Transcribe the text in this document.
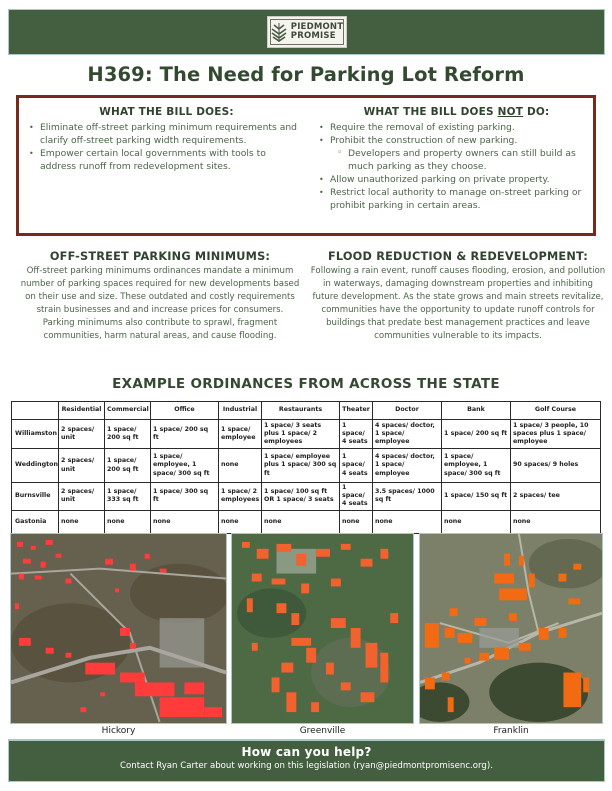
PIEDMONT
PROMISE
H369: The Need for Parking Lot Reform
WHAT THE BILL DOES:
• Eliminate off-street parking minimum requirements and clarify off-street parking width requirements.
• Empower certain local governments with tools to address runoff from redevelopment sites.
WHAT THE BILL DOES NOT DO:
• Require the removal of existing parking.
• Prohibit the construction of new parking.
◦ Developers and property owners can still build as much parking as they choose.
• Allow unauthorized parking on private property.
• Restrict local authority to manage on-street parking or prohibit parking in certain areas.
OFF-STREET PARKING MINIMUMS:

Off-street parking minimums ordinances mandate a minimum number of parking spaces required for new developments based on their use and size. These outdated and costly requirements strain businesses and and increase prices for consumers. Parking minimums also contribute to sprawl, fragment communities, harm natural areas, and cause flooding.

FLOOD REDUCTION & REDEVELOPMENT:

Following a rain event, runoff causes flooding, erosion, and pollution in waterways, damaging downstream properties and inhibiting future development. As the state grows and main streets revitalize, communities have the opportunity to update runoff controls for buildings that predate best management practices and leave communities vulnerable to its impacts.

EXAMPLE ORDINANCES FROM ACROSS THE STATE
	Residential	Commercial	Office	Industrial	Restaurants	Theater	Doctor	Bank	Golf Course
Williamston	2 spaces/ unit	1 space/ 200 sq ft	1 space/ 200 sq ft	1 space/ employee	1 space/ 3 seats plus 1 space/ 2 employees	1 space/ 4 seats	4 spaces/ doctor, 1 space/ employee	1 space/ 200 sq ft	1 space/ 3 people, 10 spaces plus 1 space/ employee
Weddington	2 spaces/ unit	1 space/ 200 sq ft	1 space/ employee, 1 space/ 300 sq ft	none	1 space/ employee plus 1 space/ 300 sq ft	1 space/ 4 seats	4 spaces/ doctor, 1 space/ employee	1 space/ employee, 1 space/ 300 sq ft	90 spaces/ 9 holes
Burnsville	2 spaces/ unit	1 space/ 333 sq ft	1 space/ 300 sq ft	1 space/ 2 employees	1 space/ 100 sq ft OR 1 space/ 3 seats	1 space/ 4 seats	3.5 spaces/ 1000 sq ft	1 space/ 150 sq ft	2 spaces/ tee
Gastonia	none	none	none	none	none	none	none	none	none
Hickory	Greenville	Franklin
How can you help?

Contact Ryan Carter about working on this legislation (ryan@piedmontpromisenc.org).
